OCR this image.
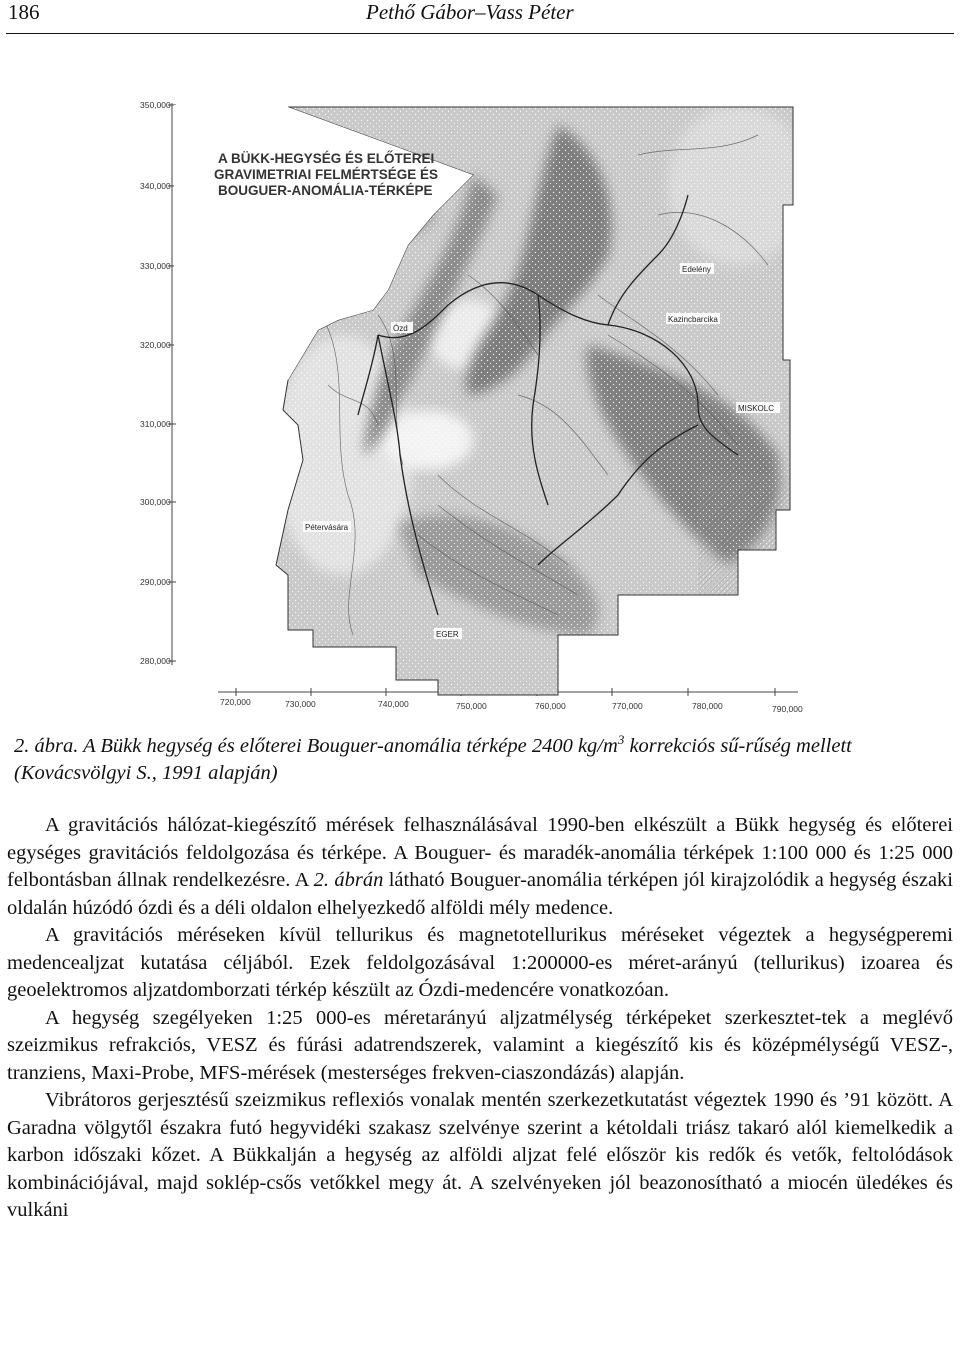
186	Pethő Gábor–Vass Péter
350,000
340,000
330,000
320,000
310,000
300,000
290,000
280,000
720,000	730,000	740,000	750,000	760,000	770,000	780,000	790,000
A BÜKK-HEGYSÉG ÉS ELŐTEREI
GRAVIMETRIAI FELMÉRTSÉGE ÉS
BOUGUER-ANOMÁLIA-TÉRKÉPE
Ózd
Edelény
Kazincbarcika
MISKOLC
Pétervására
EGER
2. ábra. A Bükk hegység és előterei Bouguer-anomália térképe 2400 $kg/m^3$ korrekciós sű-rűség mellett (Kovácsvölgyi S., 1991 alapján)

A gravitációs hálózat-kiegészítő mérések felhasználásával 1990-ben elkészült a Bükk hegység és előterei egységes gravitációs feldolgozása és térképe. A Bouguer- és maradék-anomália térképek 1:100 000 és 1:25 000 felbontásban állnak rendelkezésre. A 2. ábrán látható Bouguer-anomália térképen jól kirajzolódik a hegység északi oldalán húzódó ózdi és a déli oldalon elhelyezkedő alföldi mély medence.

A gravitációs méréseken kívül tellurikus és magnetotellurikus méréseket végeztek a hegységperemi medencealjzat kutatása céljából. Ezek feldolgozásával 1:200000-es méret-arányú (tellurikus) izoarea és geoelektromos aljzatdomborzati térkép készült az Ózdi-medencére vonatkozóan.

A hegység szegélyeken 1:25 000-es méretarányú aljzatmélység térképeket szerkesztet-tek a meglévő szeizmikus refrakciós, VESZ és fúrási adatrendszerek, valamint a kiegészítő kis és középmélységű VESZ-, tranziens, Maxi-Probe, MFS-mérések (mesterséges frekven-ciaszondázás) alapján.

Vibrátoros gerjesztésű szeizmikus reflexiós vonalak mentén szerkezetkutatást végeztek 1990 és ’91 között. A Garadna völgytől északra futó hegyvidéki szakasz szelvénye szerint a kétoldali triász takaró alól kiemelkedik a karbon időszaki kőzet. A Bükkalján a hegység az alföldi aljzat felé először kis redők és vetők, feltolódások kombinációjával, majd soklép-csős vetőkkel megy át. A szelvényeken jól beazonosítható a miocén üledékes és vulkáni
